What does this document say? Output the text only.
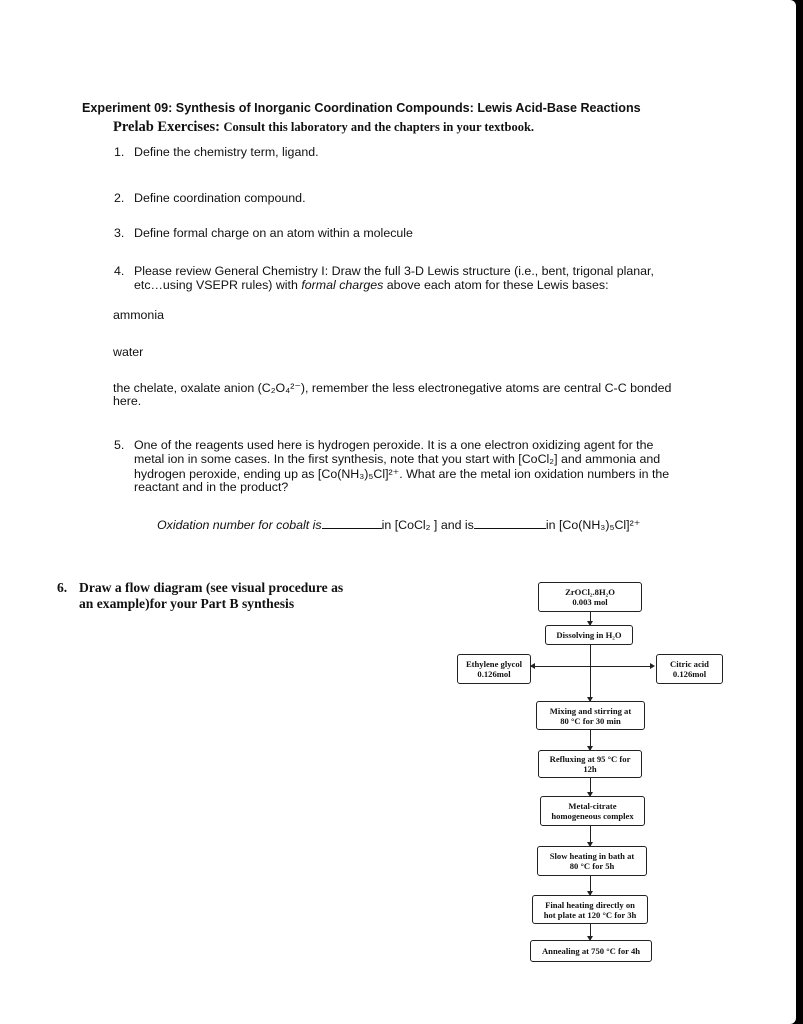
Experiment 09: Synthesis of Inorganic Coordination Compounds: Lewis Acid-Base Reactions

Prelab Exercises: Consult this laboratory and the chapters in your textbook.

1. Define the chemistry term, ligand.

2. Define coordination compound.

3. Define formal charge on an atom within a molecule

4. Please review General Chemistry I: Draw the full 3-D Lewis structure (i.e., bent, trigonal planar,

etc…using VSEPR rules) with formal charges above each atom for these Lewis bases:

ammonia

water

the chelate, oxalate anion (C₂O₄²⁻), remember the less electronegative atoms are central C-C bonded

here.

5. One of the reagents used here is hydrogen peroxide. It is a one electron oxidizing agent for the

metal ion in some cases. In the first synthesis, note that you start with [CoCl₂] and ammonia and

hydrogen peroxide, ending up as [Co(NH₃)₅Cl]²⁺. What are the metal ion oxidation numbers in the

reactant and in the product?

Oxidation number for cobalt is	in [CoCl₂ ] and is	in [Co(NH₃)₅Cl]²⁺

6. Draw a flow diagram (see visual procedure as

an example)for your Part B synthesis

ZrOCl₂.8H₂O
0.003 mol
Dissolving in H₂O
Ethylene glycol
0.126mol
Citric acid
0.126mol
Mixing and stirring at
80 °C for 30 min
Refluxing at 95 °C for
12h
Metal-citrate
homogeneous complex
Slow heating in bath at
80 °C for 5h
Final heating directly on
hot plate at 120 °C for 3h
Annealing at 750 °C for 4h
